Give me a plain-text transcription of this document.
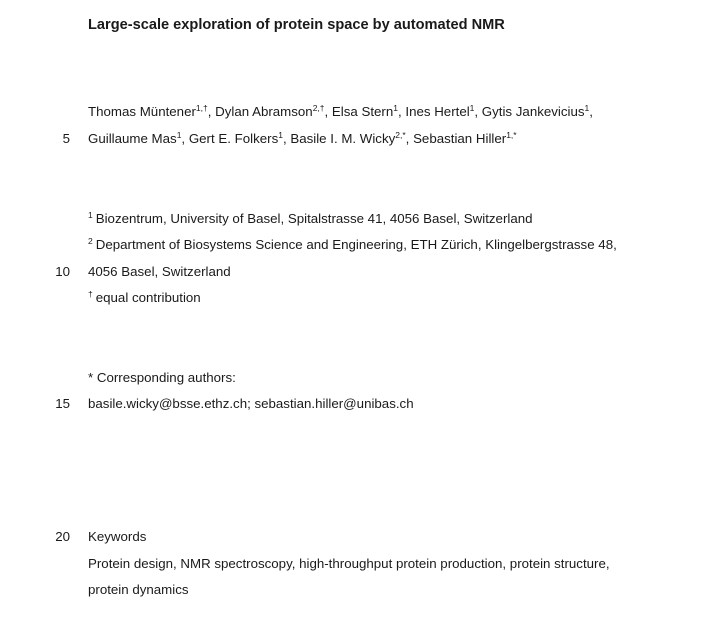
Large-scale exploration of protein space by automated NMR
Thomas Müntener$^{1,\dagger}$, Dylan Abramson$^{2,\dagger}$, Elsa Stern$^1$, Ines Hertel$^1$, Gytis Jankevicius$^1$,
5 Guillaume Mas$^1$, Gert E. Folkers$^1$, Basile I. M. Wicky$^{2,*}$, Sebastian Hiller$^{1,*}$
$^1$ Biozentrum, University of Basel, Spitalstrasse 41, 4056 Basel, Switzerland
$^2$ Department of Biosystems Science and Engineering, ETH Zürich, Klingelbergstrasse 48,
10 4056 Basel, Switzerland
† equal contribution
* Corresponding authors:
15 basile.wicky@bsse.ethz.ch; sebastian.hiller@unibas.ch
20 Keywords
Protein design, NMR spectroscopy, high-throughput protein production, protein structure,
protein dynamics
